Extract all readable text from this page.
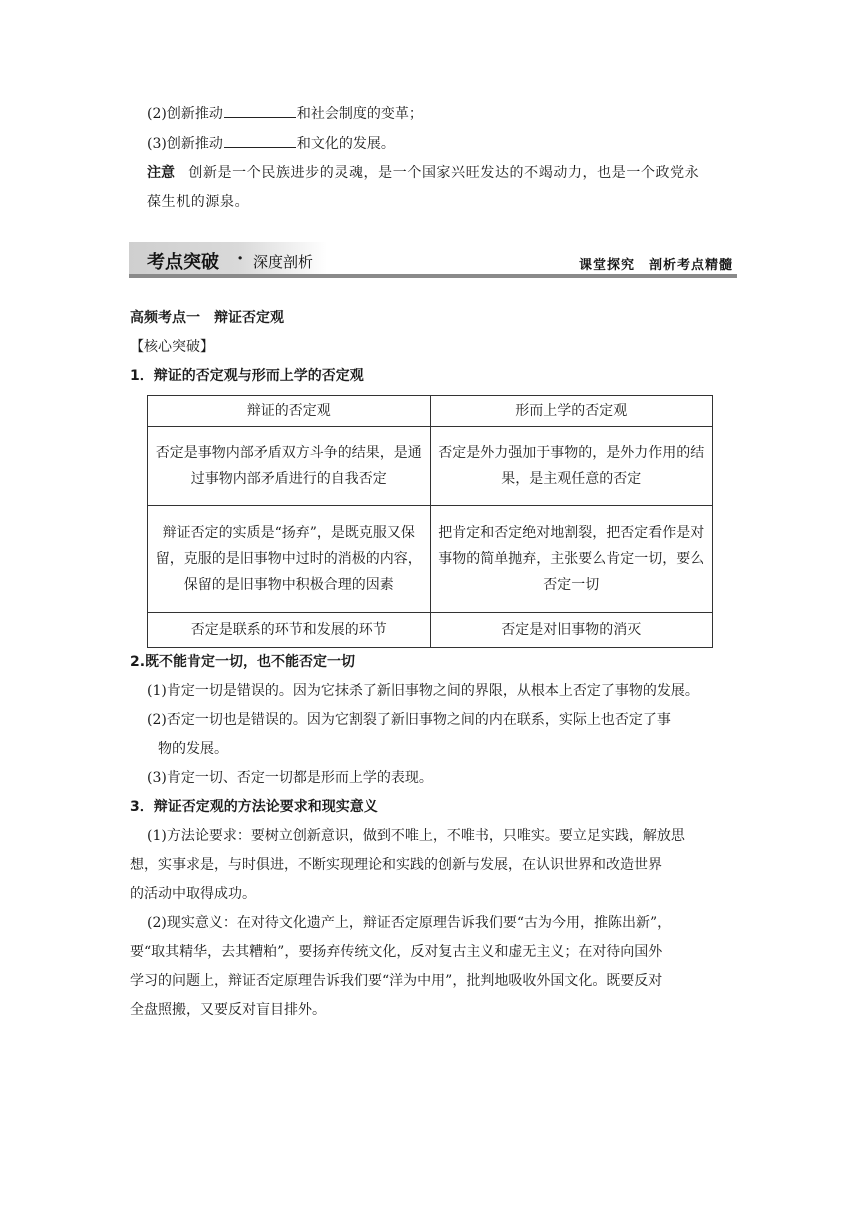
(2)创新推动	和社会制度的变革；
(3)创新推动	和文化的发展。
注意 创新是一个民族进步的灵魂，是一个国家兴旺发达的不竭动力，也是一个政党永
葆生机的源泉。
考点突破 · 深度剖析	课堂探究　剖析考点精髓
高频考点一　辩证否定观
【核心突破】
1．辩证的否定观与形而上学的否定观
辩证的否定观	形而上学的否定观
否定是事物内部矛盾双方斗争的结果，是通过事物内部矛盾进行的自我否定	否定是外力强加于事物的，是外力作用的结果，是主观任意的否定
辩证否定的实质是“扬弃”，是既克服又保留，克服的是旧事物中过时的消极的内容，保留的是旧事物中积极合理的因素	把肯定和否定绝对地割裂，把否定看作是对事物的简单抛弃，主张要么肯定一切，要么否定一切
否定是联系的环节和发展的环节	否定是对旧事物的消灭
2.既不能肯定一切，也不能否定一切
(1)肯定一切是错误的。因为它抹杀了新旧事物之间的界限，从根本上否定了事物的发展。
(2)否定一切也是错误的。因为它割裂了新旧事物之间的内在联系，实际上也否定了事
物的发展。
(3)肯定一切、否定一切都是形而上学的表现。
3．辩证否定观的方法论要求和现实意义
(1)方法论要求：要树立创新意识，做到不唯上，不唯书，只唯实。要立足实践，解放思
想，实事求是，与时俱进，不断实现理论和实践的创新与发展，在认识世界和改造世界
的活动中取得成功。
(2)现实意义：在对待文化遗产上，辩证否定原理告诉我们要“古为今用，推陈出新”，
要“取其精华，去其糟粕”，要扬弃传统文化，反对复古主义和虚无主义；在对待向国外
学习的问题上，辩证否定原理告诉我们要“洋为中用”，批判地吸收外国文化。既要反对
全盘照搬，又要反对盲目排外。
